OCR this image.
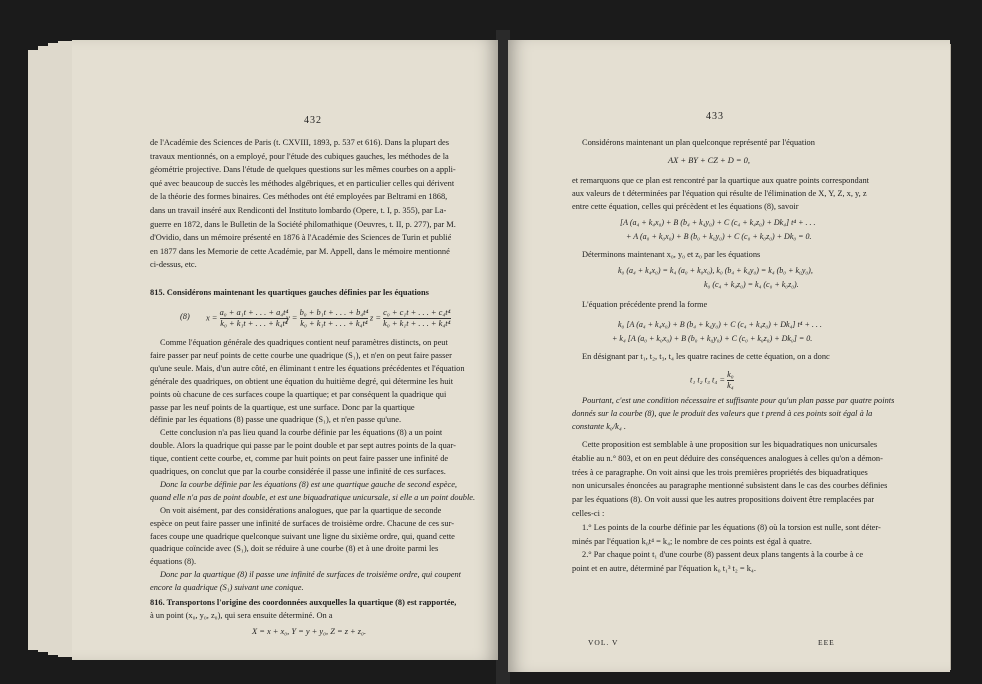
432
de l'Académie des Sciences de Paris (t. CXVIII, 1893, p. 537 et 616). Dans la plupart des
travaux mentionnés, on a employé, pour l'étude des cubiques gauches, les méthodes de la
géométrie projective. Dans l'étude de quelques questions sur les mêmes courbes on a appli-
qué avec beaucoup de succès les méthodes algébriques, et en particulier celles qui dérivent
de la théorie des formes binaires. Ces méthodes ont été employées par Beltrami en 1868,
dans un travail inséré aux Rendiconti del Instituto lombardo (Opere, t. I, p. 355), par La-
guerre en 1872, dans le Bulletin de la Société philomathique (Oeuvres, t. II, p. 277), par M.
d'Ovidio, dans un mémoire présenté en 1876 à l'Académie des Sciences de Turin et publié
en 1877 dans les Memorie de cette Académie, par M. Appell, dans le mémoire mentionné
ci-dessus, etc.
815. Considérons maintenant les quartiques gauches définies par les équations
(8) $x = \frac{\text{a₀ + a₁t + . . . + a₄t⁴}}{\text{k₀ + k₁t + . . . + k₄t⁴}}$
$y = \frac{\text{b₀ + b₁t + . . . + b₄t⁴}}{\text{k₀ + k₁t + . . . + k₄t⁴}}$ $z = \frac{\text{c₀ + c₁t + . . . + c₄t⁴}}{\text{k₀ + k₁t + . . . + k₄t⁴}}$
Comme l'équation générale des quadriques contient neuf paramètres distincts, on peut
faire passer par neuf points de cette courbe une quadrique (S₁), et n'en on peut faire passer
qu'une seule. Mais, d'un autre côté, en éliminant t entre les équations précédentes et l'équation
générale des quadriques, on obtient une équation du huitième degré, qui détermine les huit
points où chacune de ces surfaces coupe la quartique; et par conséquent la quadrique qui
passe par les neuf points de la quartique, est une surface. Donc par la quartique
définie par les équations (8) passe une quadrique (S₁), et n'en passe qu'une.
Cette conclusion n'a pas lieu quand la courbe définie par les équations (8) a un point
double. Alors la quadrique qui passe par le point double et par sept autres points de la quar-
tique, contient cette courbe, et, comme par huit points on peut faire passer une infinité de
quadriques, on conclut que par la courbe considérée il passe une infinité de ces surfaces.
Donc la courbe définie par les équations (8) est une quartique gauche de second espèce,
quand elle n'a pas de point double, et est une biquadratique unicursale, si elle a un point double.
On voit aisément, par des considérations analogues, que par la quartique de seconde
espèce on peut faire passer une infinité de surfaces de troisième ordre. Chacune de ces sur-
faces coupe une quadrique quelconque suivant une ligne du sixième ordre, qui, quand cette
quadrique coïncide avec (S₁), doit se réduire à une courbe (8) et à une droite parmi les
équations (8).
Donc par la quartique (8) il passe une infinité de surfaces de troisième ordre, qui coupent
encore la quadrique (S₁) suivant une conique.
816. Transportons l'origine des coordonnées auxquelles la quartique (8) est rapportée,
à un point (x₀, y₀, z₀), qui sera ensuite déterminé. On a
X = x + x₀, Y = y + y₀, Z = z + z₀.
433
Considérons maintenant un plan quelconque représenté par l'équation
AX + BY + CZ + D = 0,
et remarquons que ce plan est rencontré par la quartique aux quatre points correspondant
aux valeurs de t déterminées par l'équation qui résulte de l'élimination de X, Y, Z, x, y, z
entre cette équation, celles qui précèdent et les équations (8), savoir
[A (a₄ + k₄x₀) + B (b₄ + k₄y₀) + C (c₄ + k₄z₀) + Dk₄] t⁴ + . . .
+ A (a₀ + k₀x₀) + B (b₀ + k₀y₀) + C (c₀ + k₀z₀) + Dk₀ = 0.
Déterminons maintenant x₀, y₀ et z₀ par les équations
k₀ (a₄ + k₄x₀) = k₄ (a₀ + k₀x₀), k₀ (b₄ + k₄y₀) = k₄ (b₀ + k₀y₀),
k₀ (c₄ + k₄z₀) = k₄ (c₀ + k₀z₀).
L'équation précédente prend la forme
k₀ [A (a₄ + k₄x₀) + B (b₄ + k₄y₀) + C (c₄ + k₄z₀) + Dk₄] t⁴ + . . .
+ k₄ [A (a₀ + k₀x₀) + B (b₀ + k₀y₀) + C (c₀ + k₀z₀) + Dk₀] = 0.
En désignant par t₁, t₂, t₃, t₄ les quatre racines de cette équation, on a donc
t₁ t₂ t₃ $t_4 = \frac{\text{k₀}}{\text{k₄}}$
Pourtant, c'est une condition nécessaire et suffisante pour qu'un plan passe par quatre points
donnés sur la courbe (8), que le produit des valeurs que t prend à ces points soit égal à la
constante k₀/k₄ .
Cette proposition est semblable à une proposition sur les biquadratiques non unicursales
établie au n.° 803, et on en peut déduire des conséquences analogues à celles qu'on a démon-
trées à ce paragraphe. On voit ainsi que les trois premières propriétés des biquadratiques
non unicursales énoncées au paragraphe mentionné subsistent dans le cas des courbes définies
par les équations (8). On voit aussi que les autres propositions doivent être remplacées par
celles-ci :
1.° Les points de la courbe définie par les équations (8) où la torsion est nulle, sont déter-
minés par l'équation k₀t⁴ = k₄; le nombre de ces points est égal à quatre.
2.° Par chaque point t₁ d'une courbe (8) passent deux plans tangents à la courbe à ce
point et en autre, déterminé par l'équation k₀ t₁³ t₂ = k₄.
VOL. V	EEE
